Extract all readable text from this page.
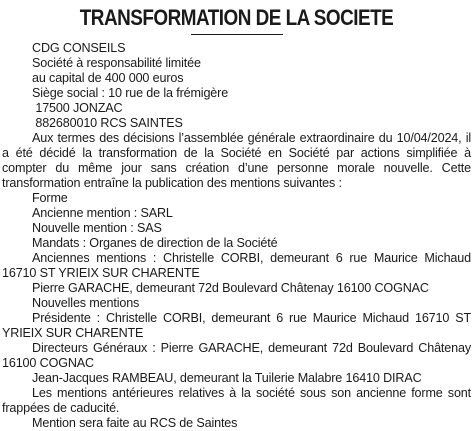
TRANSFORMATION DE LA SOCIETE

CDG CONSEILS

Société à responsabilité limitée

au capital de 400 000 euros

Siège social : 10 rue de la frémigère

17500 JONZAC

882680010 RCS SAINTES

Aux termes des décisions l’assemblée générale extraordinaire du 10/04/2024, il a été décidé la transformation de la Société en Société par actions simplifiée à compter du même jour sans création d’une personne morale nouvelle. Cette transformation entraîne la publication des mentions suivantes :

Forme

Ancienne mention : SARL

Nouvelle mention : SAS

Mandats : Organes de direction de la Société

Anciennes mentions : Christelle CORBI, demeurant 6 rue Maurice Michaud 16710 ST YRIEIX SUR CHARENTE

Pierre GARACHE, demeurant 72d Boulevard Châtenay 16100 COGNAC

Nouvelles mentions

Présidente : Christelle CORBI, demeurant 6 rue Maurice Michaud 16710 ST YRIEIX SUR CHARENTE

Directeurs Généraux : Pierre GARACHE, demeurant 72d Boulevard Châtenay 16100 COGNAC

Jean-Jacques RAMBEAU, demeurant la Tuilerie Malabre 16410 DIRAC

Les mentions antérieures relatives à la société sous son ancienne forme sont frappées de caducité.

Mention sera faite au RCS de Saintes
